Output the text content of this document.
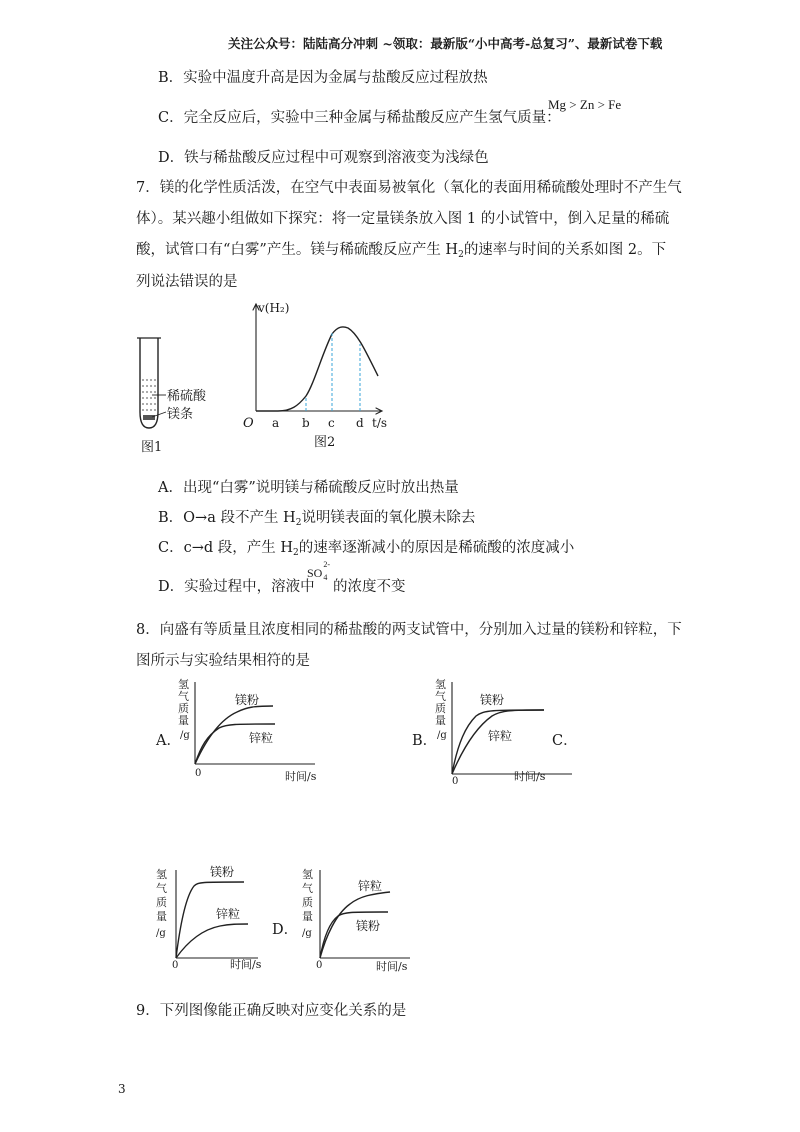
关注公众号：陆陆高分冲刺 ~领取：最新版“小中高考-总复习”、最新试卷下载
B．实验中温度升高是因为金属与盐酸反应过程放热
C．完全反应后，实验中三种金属与稀盐酸反应产生氢气质量：
Mg > Zn > Fe
D．铁与稀盐酸反应过程中可观察到溶液变为浅绿色
7．镁的化学性质活泼，在空气中表面易被氧化（氧化的表面用稀硫酸处理时不产生气
体）。某兴趣小组做如下探究：将一定量镁条放入图 1 的小试管中，倒入足量的稀硫
酸，试管口有“白雾”产生。镁与稀硫酸反应产生 $H_2$的速率与时间的关系如图 2。下
列说法错误的是
稀硫酸
镁条
图1
v(H₂)
O a b c d t/s
图2
A．出现“白雾”说明镁与稀硫酸反应时放出热量
B．O→a 段不产生 $H_2$说明镁表面的氧化膜未除去
C．c→d 段，产生 $H_2$的速率逐渐减小的原因是稀硫酸的浓度减小
D．实验过程中，溶液中
SO
2-
4
的浓度不变
8．向盛有等质量且浓度相同的稀盐酸的两支试管中，分别加入过量的镁粉和锌粒，下
图所示与实验结果相符的是
A．
氢
气
质
量
/g
镁粉
锌粒
0	时间/s
B．
氢
气
质
量
/g
镁粉
锌粒
0	时间/s
C．
氢
气
质
量
/g
镁粉
锌粒
0	时间/s
D．
氢
气
质
量
/g
锌粒
镁粉
0	时间/s
9．下列图像能正确反映对应变化关系的是
3
